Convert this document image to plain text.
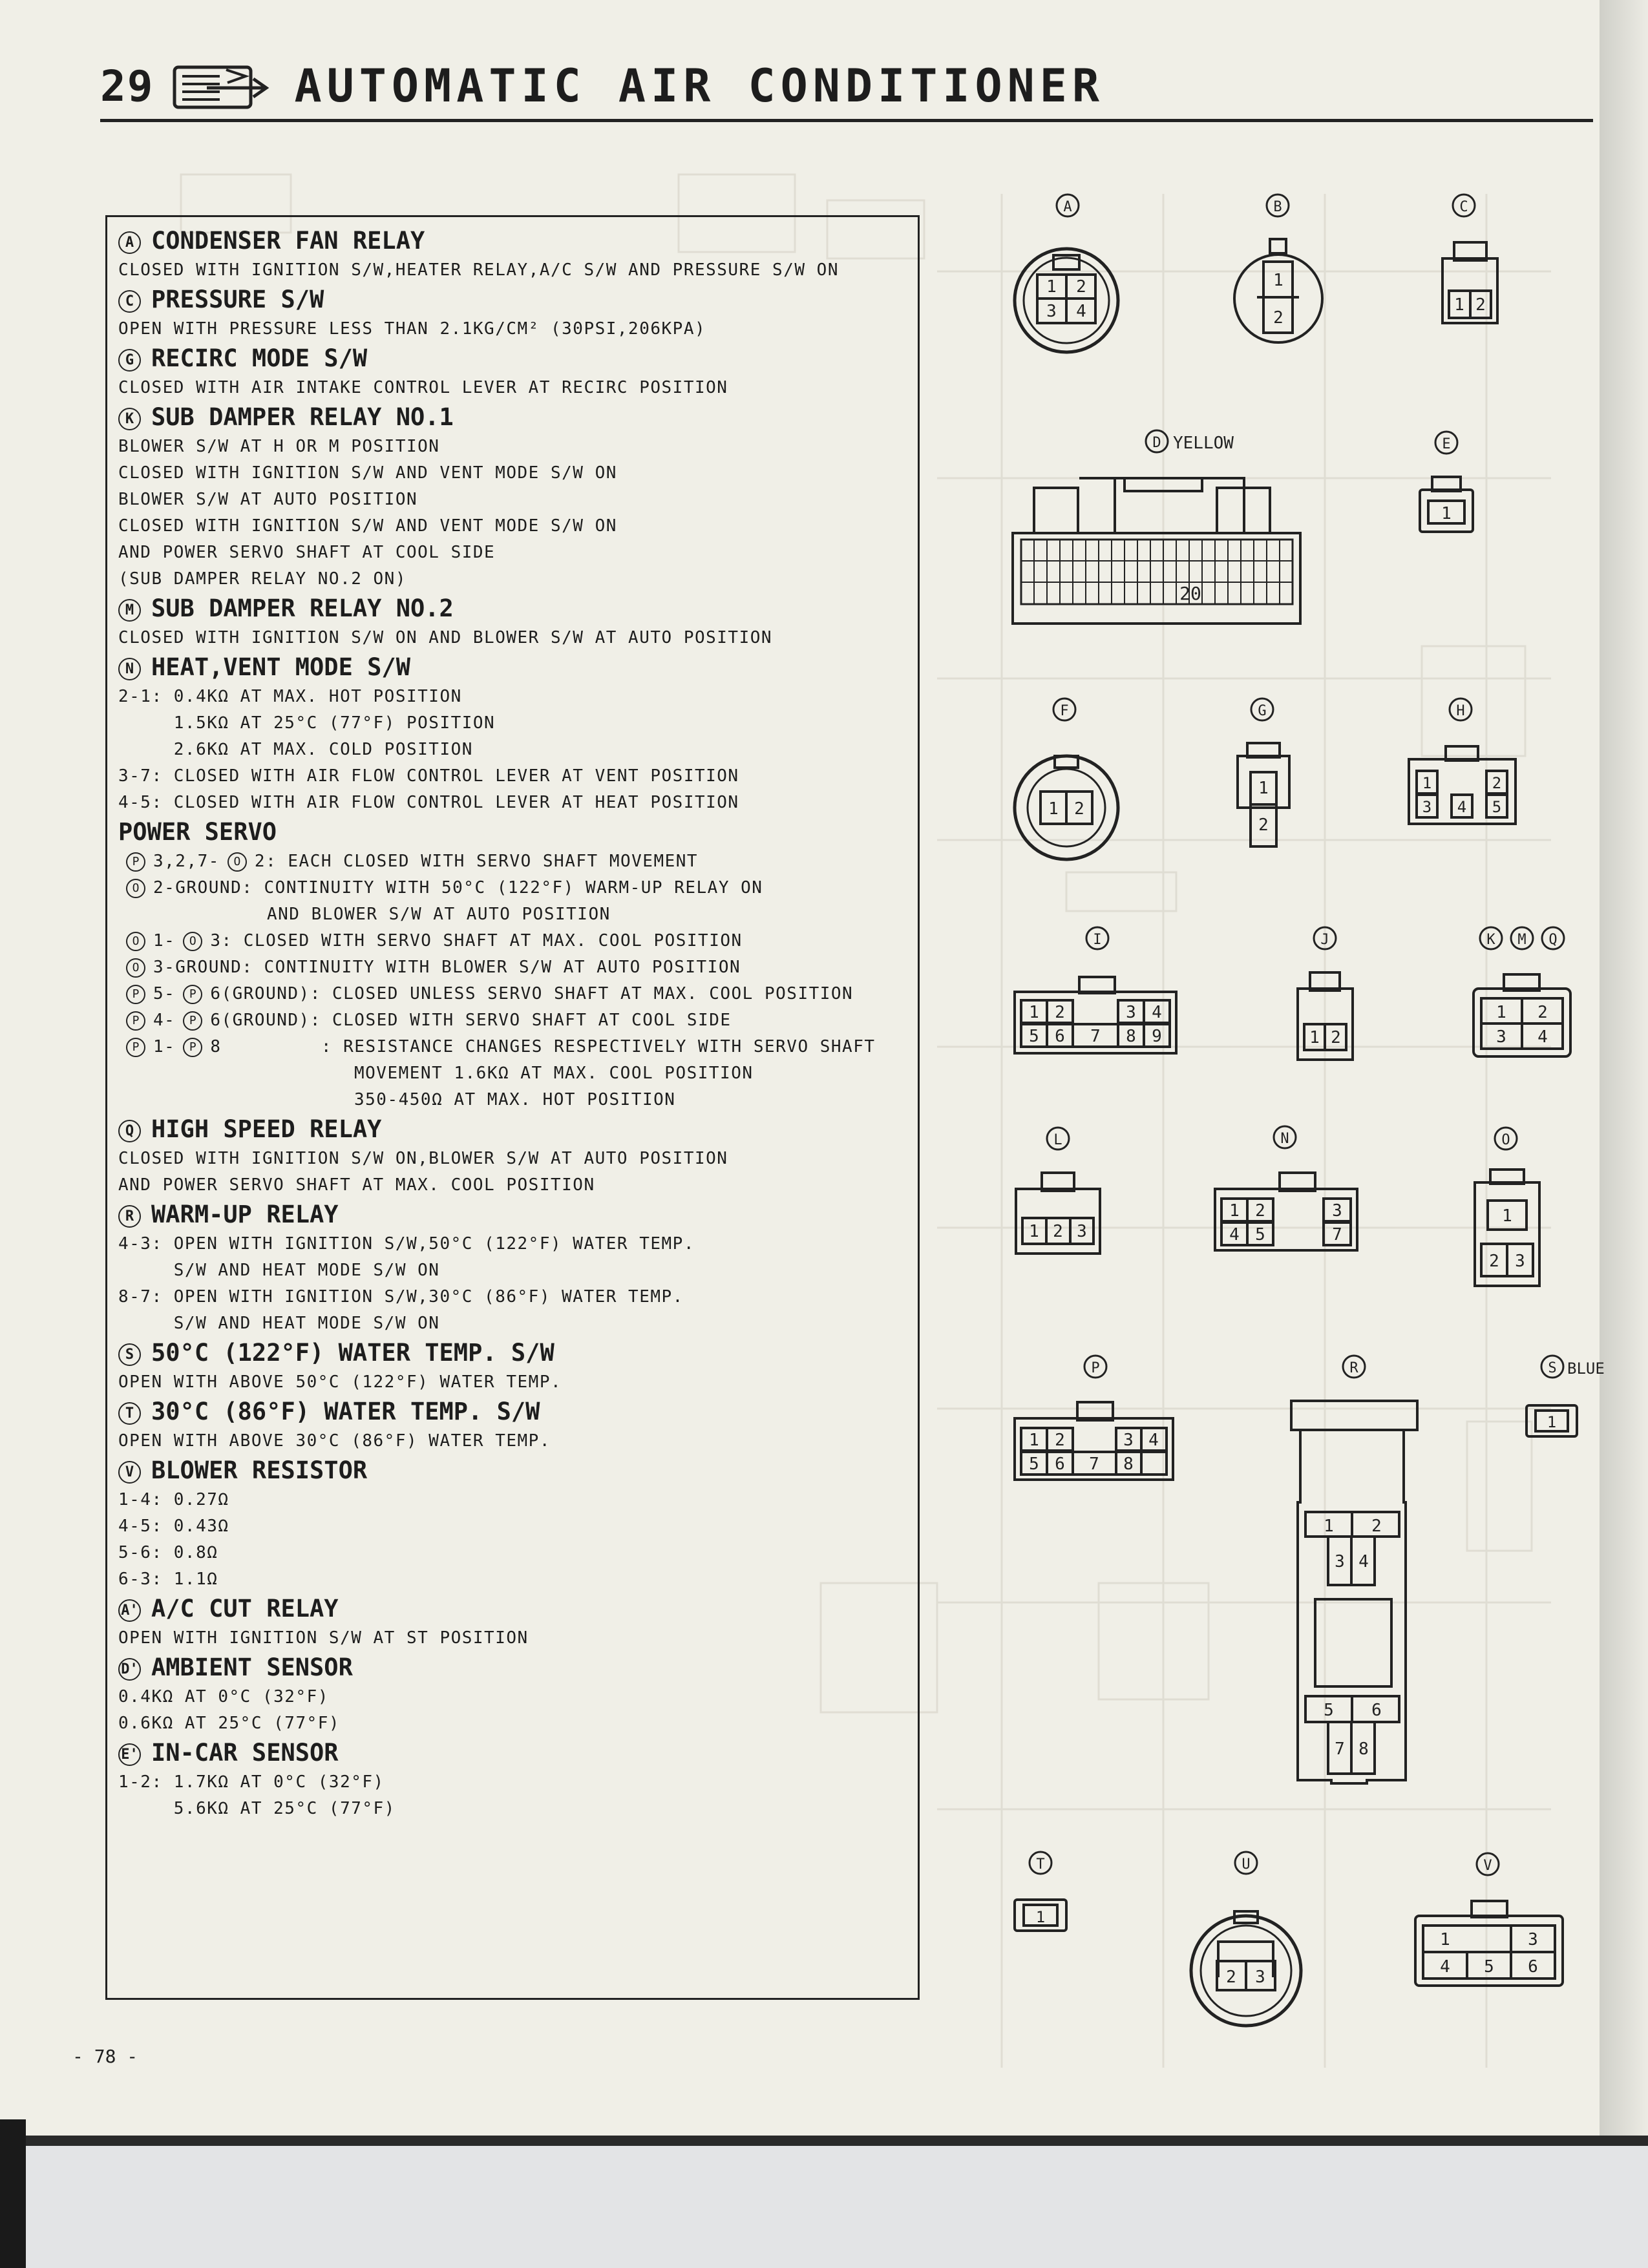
29	AUTOMATIC AIR CONDITIONER
A CONDENSER FAN RELAY
CLOSED WITH IGNITION S/W,HEATER RELAY,A/C S/W AND PRESSURE S/W ON
C PRESSURE S/W
OPEN WITH PRESSURE LESS THAN 2.1KG/CM² (30PSI,206KPA)
G RECIRC MODE S/W
CLOSED WITH AIR INTAKE CONTROL LEVER AT RECIRC POSITION
K SUB DAMPER RELAY NO.1
BLOWER S/W AT H OR M POSITION
CLOSED WITH IGNITION S/W AND VENT MODE S/W ON
BLOWER S/W AT AUTO POSITION
CLOSED WITH IGNITION S/W AND VENT MODE S/W ON
AND POWER SERVO SHAFT AT COOL SIDE
(SUB DAMPER RELAY NO.2 ON)
M SUB DAMPER RELAY NO.2
CLOSED WITH IGNITION S/W ON AND BLOWER S/W AT AUTO POSITION
N HEAT,VENT MODE S/W
2-1: 0.4KΩ AT MAX. HOT POSITION
1.5KΩ AT 25°C (77°F) POSITION
2.6KΩ AT MAX. COLD POSITION
3-7: CLOSED WITH AIR FLOW CONTROL LEVER AT VENT POSITION
4-5: CLOSED WITH AIR FLOW CONTROL LEVER AT HEAT POSITION
POWER SERVO
P 3,2,7- O 2: EACH CLOSED WITH SERVO SHAFT MOVEMENT
O 2-GROUND: CONTINUITY WITH 50°C (122°F) WARM-UP RELAY ON
AND BLOWER S/W AT AUTO POSITION
O 1- O 3: CLOSED WITH SERVO SHAFT AT MAX. COOL POSITION
O 3-GROUND: CONTINUITY WITH BLOWER S/W AT AUTO POSITION
P 5- P 6(GROUND): CLOSED UNLESS SERVO SHAFT AT MAX. COOL POSITION
P 4- P 6(GROUND): CLOSED WITH SERVO SHAFT AT COOL SIDE
P 1- P 8         : RESISTANCE CHANGES RESPECTIVELY WITH SERVO SHAFT
MOVEMENT 1.6KΩ AT MAX. COOL POSITION
350-450Ω AT MAX. HOT POSITION
Q HIGH SPEED RELAY
CLOSED WITH IGNITION S/W ON,BLOWER S/W AT AUTO POSITION
AND POWER SERVO SHAFT AT MAX. COOL POSITION
R WARM-UP RELAY
4-3: OPEN WITH IGNITION S/W,50°C (122°F) WATER TEMP.
S/W AND HEAT MODE S/W ON
8-7: OPEN WITH IGNITION S/W,30°C (86°F) WATER TEMP.
S/W AND HEAT MODE S/W ON
S 50°C (122°F) WATER TEMP. S/W
OPEN WITH ABOVE 50°C (122°F) WATER TEMP.
T 30°C (86°F) WATER TEMP. S/W
OPEN WITH ABOVE 30°C (86°F) WATER TEMP.
V BLOWER RESISTOR
1-4: 0.27Ω
4-5: 0.43Ω
5-6: 0.8Ω
6-3: 1.1Ω
A' A/C CUT RELAY
OPEN WITH IGNITION S/W AT ST POSITION
D' AMBIENT SENSOR
0.4KΩ AT 0°C (32°F)
0.6KΩ AT 25°C (77°F)
E' IN-CAR SENSOR
1-2: 1.7KΩ AT 0°C (32°F)
5.6KΩ AT 25°C (77°F)
- 78 -
A
1 2
3 4
B
1
2
C
1 2
D YELLOW
20
E
1
F
1 2
G
1
2
H
1	2
3 4 5
I
1 2	3 4
5 6 7 8 9
J
1 2
K M Q
1 2
3 4
L
1 2 3
N
1 2	3
4 5	7
O
1
2 3
P
1 2	3 4
5 6 7 8
R
1 2
3 4
5 6
7 8
S BLUE
1
T
1
U
2 3
V
1	3
4 5 6
